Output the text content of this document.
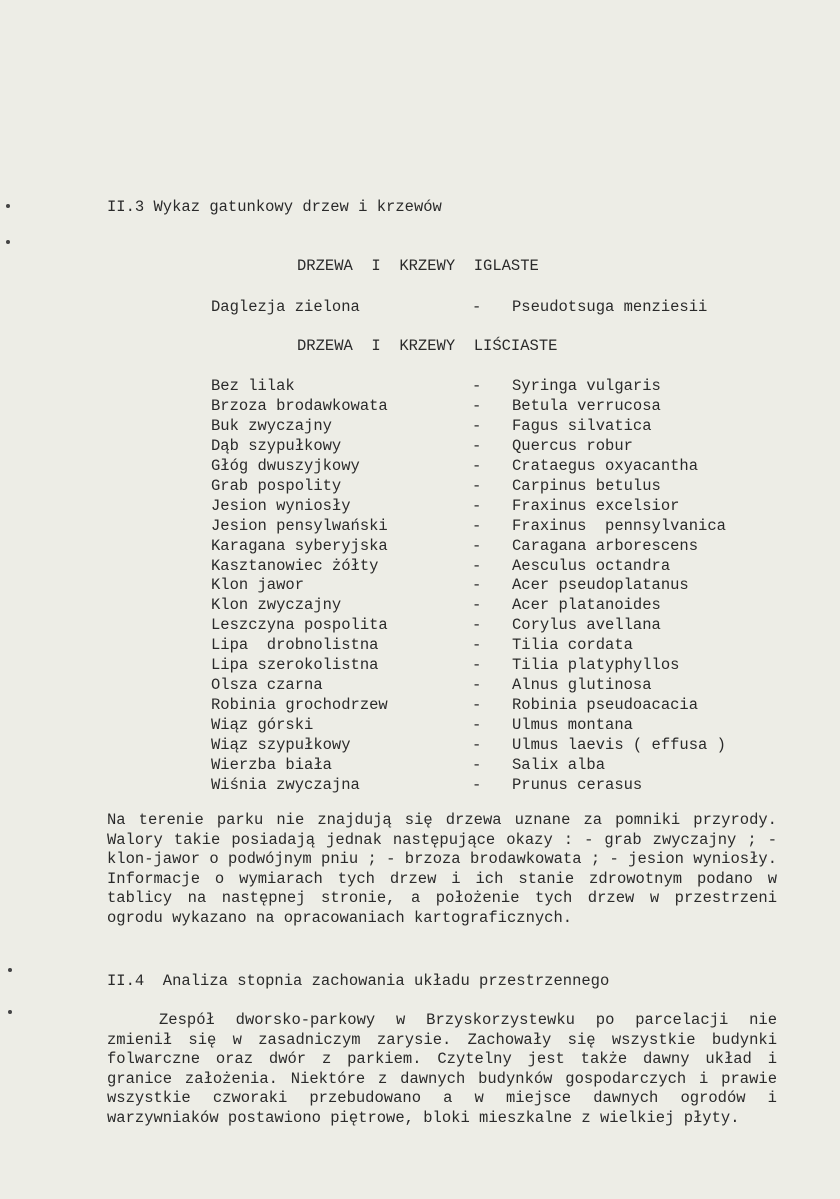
II.3 Wykaz gatunkowy drzew i krzewów
DRZEWA  I  KRZEWY  IGLASTE
Daglezja zielona	- Pseudotsuga menziesii
DRZEWA  I  KRZEWY  LIŚCIASTE
Bez lilak	- Syringa vulgaris
Brzoza brodawkowata	- Betula verrucosa
Buk zwyczajny	- Fagus silvatica
Dąb szypułkowy	- Quercus robur
Głóg dwuszyjkowy	- Crataegus oxyacantha
Grab pospolity	- Carpinus betulus
Jesion wyniosły	- Fraxinus excelsior
Jesion pensylwański	- Fraxinus  pennsylvanica
Karagana syberyjska	- Caragana arborescens
Kasztanowiec żółty	- Aesculus octandra
Klon jawor	- Acer pseudoplatanus
Klon zwyczajny	- Acer platanoides
Leszczyna pospolita	- Corylus avellana
Lipa  drobnolistna	- Tilia cordata
Lipa szerokolistna	- Tilia platyphyllos
Olsza czarna	- Alnus glutinosa
Robinia grochodrzew	- Robinia pseudoacacia
Wiąz górski	- Ulmus montana
Wiąz szypułkowy	- Ulmus laevis ( effusa )
Wierzba biała	- Salix alba
Wiśnia zwyczajna	- Prunus cerasus

Na terenie parku nie znajdują się drzewa uznane za pomniki przyrody. Walory takie posiadają jednak następujące okazy : - grab zwyczajny ; - klon-jawor o podwójnym pniu ; - brzoza brodawkowata ; - jesion wyniosły. Informacje o wymiarach tych drzew i ich stanie zdrowotnym podano w tablicy na następnej stronie, a położenie tych drzew w przestrzeni ogrodu wykazano na opracowaniach kartograficznych.

II.4  Analiza stopnia zachowania układu przestrzennego

Zespół dworsko-parkowy w Brzyskorzystewku po parcelacji nie zmienił się w zasadniczym zarysie. Zachowały się wszystkie budynki folwarczne oraz dwór z parkiem. Czytelny jest także dawny układ i granice założenia. Niektóre z dawnych budynków gospodarczych i prawie wszystkie czworaki przebudowano a w miejsce dawnych ogrodów i warzywniaków postawiono piętrowe, bloki mieszkalne z wielkiej płyty.
